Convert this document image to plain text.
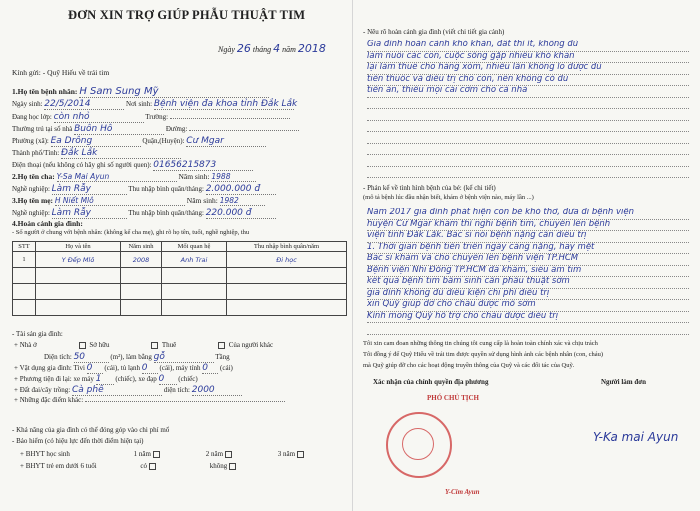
ĐƠN XIN TRỢ GIÚP PHẪU THUẬT TIM
Ngày 26 tháng 4 năm 2018
Kính gửi: - Quỹ Hiếu về trái tim
1.Họ tên bệnh nhân: H Sam Sung Mỹ
Ngày sinh: 22/5/2014	Nơi sinh: Bệnh viện đa khoa tỉnh Đắk Lắk
Đang học lớp: còn nhỏ	Trường:
Thường trú tại số nhà Buôn Hô	Đường:
Phường (xã): Ea Drông	Quận,(Huyện): Cư Mgar
Thành phố/Tỉnh: Đắk Lắk
Điện thoại (nếu không có hãy ghi số người quen): 01656215873
2.Họ tên cha: Y-Sa Mai Ayun	Năm sinh: 1988
Nghề nghiệp: Làm Rẫy	Thu nhập bình quân/tháng: 2.000.000 đ
3.Họ tên mẹ: H Niết Mlô	Năm sinh: 1982
Nghề nghiệp: Làm Rẫy	Thu nhập bình quân/tháng: 220.000 đ
4.Hoàn cảnh gia đình:
- Số người ở chung với bệnh nhân: (không kể cha mẹ), ghi rõ họ tên, tuổi, nghề nghiệp, thu
STT	Họ và tên	Năm sinh	Mối quan hệ	Thu nhập bình quân/năm
1	Y Đếp Mlô	2008	Anh Trai	Đi học

- Tài sản gia đình:
+ Nhà ở	Sở hữu	Thuê	Của người khác
Diện tích: 50	(m²), làm bằng gỗ	Tầng
+ Vật dụng gia đình: Tivi 0 (cái), tủ lạnh 0 (cái), máy tính 0 (cái)
+ Phương tiện đi lại: xe máy 1 (chiếc), xe đạp 0 (chiếc)
+ Đất đai/cây trồng: Cà phê	diện tích: 2000
+ Những đặc điểm khác:
- Khả năng của gia đình có thể đóng góp vào chi phí mổ
- Bảo hiểm (có hiệu lực đến thời điểm hiện tại)
+ BHYT học sinh	1 năm	2 năm	3 năm
+ BHYT trẻ em dưới 6 tuổi	có	không
- Nêu rõ hoàn cảnh gia đình (viết chi tiết gia cảnh)
Gia đình hoàn cảnh khó khăn, đất thì ít, không đủ
làm nuôi các con, cuộc sống gặp nhiều khó khăn
lại làm thuê cho hàng xóm, nhiều lần không lo được đủ
tiền thuốc và điều trị cho con, nên không có đủ
tiền ăn, thiếu mọi cái cơm cho cả nhà
- Phản kể về tình hình bệnh của bé: (kể chi tiết)
(mô tả bệnh lúc đầu nhận biết, khám ở bệnh viện nào, máy lần ...)
Năm 2017 gia đình phát hiện con bé khó thở, đưa đi bệnh viện
huyện Cư Mgar khám thì nghi bệnh tim, chuyển lên bệnh
viện tỉnh Đắk Lắk. Bác sĩ nói bệnh nặng cần điều trị
1. Thời gian bệnh tiến triển ngày càng nặng, hay mệt
Bác sĩ khám và cho chuyển lên bệnh viện TP.HCM
Bệnh viện Nhi Đồng TP.HCM đã khám, siêu âm tim
kết quả bệnh tim bẩm sinh cần phẫu thuật sớm
gia đình không đủ điều kiện chi phí điều trị
xin Quỹ giúp đỡ cho cháu được mổ sớm
Kính mong Quỹ hỗ trợ cho cháu được điều trị
Tôi xin cam đoan những thông tin chúng tôi cung cấp là hoàn toàn chính xác và chịu trách
Tôi đồng ý để Quỹ Hiếu về trái tim được quyền sử dụng hình ảnh các bệnh nhân (con, cháu)
mà Quỹ giúp đỡ cho các hoạt động truyền thông của Quỹ và các đối tác của Quỹ.
Xác nhận của chính quyền địa phương	Người làm đơn
PHÓ CHỦ TỊCH
Y-Cim Ayun
Y-Ka mai Ayun
